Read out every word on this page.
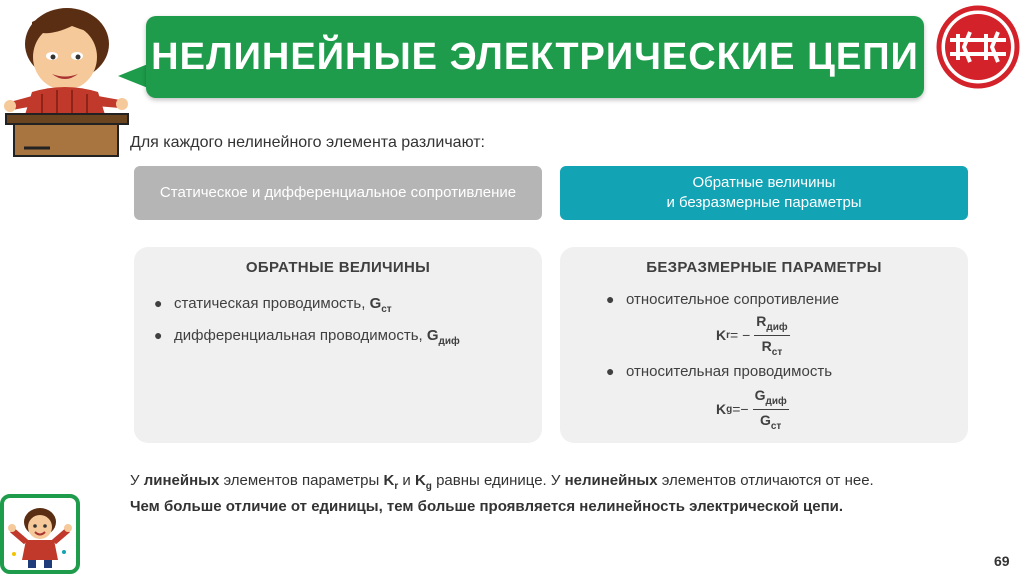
НЕЛИНЕЙНЫЕ ЭЛЕКТРИЧЕСКИЕ ЦЕПИ
Для каждого нелинейного элемента различают:
Статическое и дифференциальное сопротивление
Обратные величины
и безразмерные параметры
ОБРАТНЫЕ ВЕЛИЧИНЫ
● статическая проводимость, $G_{ст}$
● дифференциальная проводимость, $G_{диф}$
БЕЗРАЗМЕРНЫЕ ПАРАМЕТРЫ
● относительное сопротивление
K r = − $\frac{R_{диф}}{R_{ст}}$
● относительная проводимость
K $g =- \frac{G_{диф}}{G_{ст}}$
У линейных элементов параметры $K_r$ и $K_g$ равны единице. У нелинейных элементов отличаются от нее.
Чем больше отличие от единицы, тем больше проявляется нелинейность электрической цепи.
69
